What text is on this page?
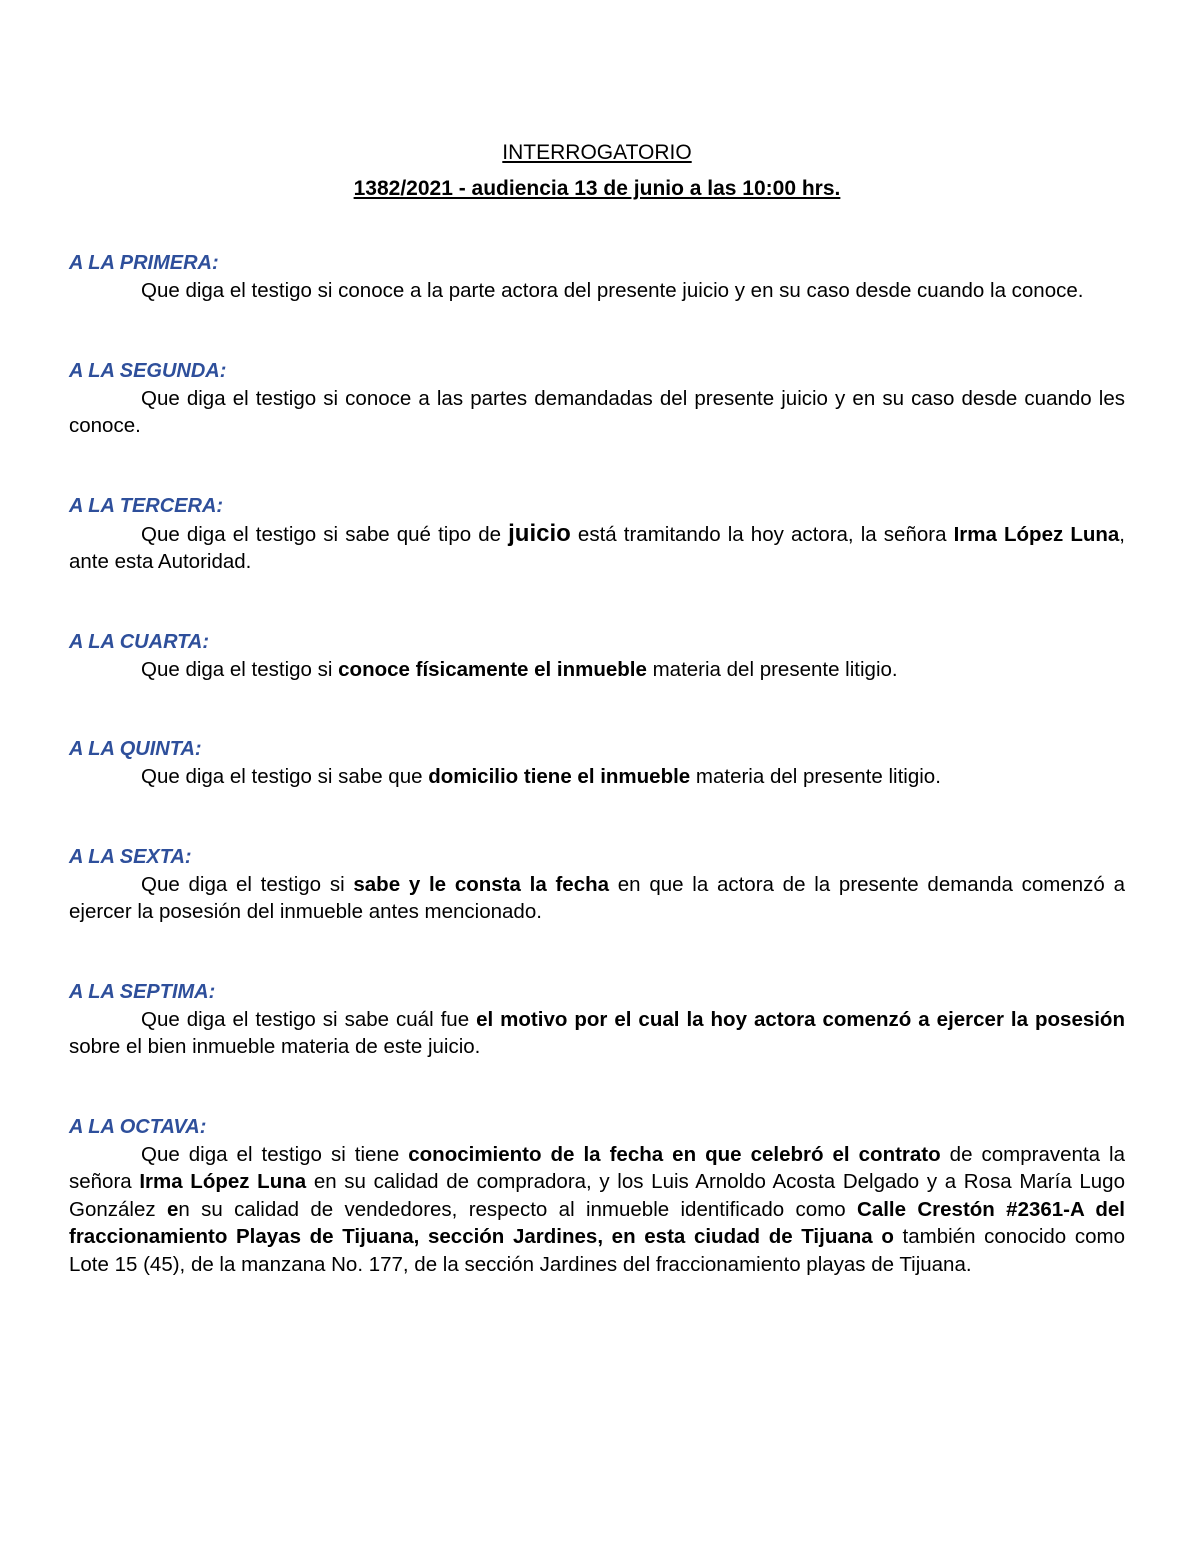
INTERROGATORIO

1382/2021 - audiencia 13 de junio a las 10:00 hrs.

A LA PRIMERA:
Que diga el testigo si conoce a la parte actora del presente juicio y en su caso desde cuando la conoce.
A LA SEGUNDA:
Que diga el testigo si conoce a las partes demandadas del presente juicio y en su caso desde cuando les conoce.
A LA TERCERA:
Que diga el testigo si sabe qué tipo de juicio está tramitando la hoy actora, la señora Irma López Luna, ante esta Autoridad.
A LA CUARTA:
Que diga el testigo si conoce físicamente el inmueble materia del presente litigio.
A LA QUINTA:
Que diga el testigo si sabe que domicilio tiene el inmueble materia del presente litigio.
A LA SEXTA:
Que diga el testigo si sabe y le consta la fecha en que la actora de la presente demanda comenzó a ejercer la posesión del inmueble antes mencionado.
A LA SEPTIMA:
Que diga el testigo si sabe cuál fue el motivo por el cual la hoy actora comenzó a ejercer la posesión sobre el bien inmueble materia de este juicio.
A LA OCTAVA:
Que diga el testigo si tiene conocimiento de la fecha en que celebró el contrato de compraventa la señora Irma López Luna en su calidad de compradora, y los Luis Arnoldo Acosta Delgado y a Rosa María Lugo González en su calidad de vendedores, respecto al inmueble identificado como Calle Crestón #2361-A del fraccionamiento Playas de Tijuana, sección Jardines, en esta ciudad de Tijuana o también conocido como Lote 15 (45), de la manzana No. 177, de la sección Jardines del fraccionamiento playas de Tijuana.
